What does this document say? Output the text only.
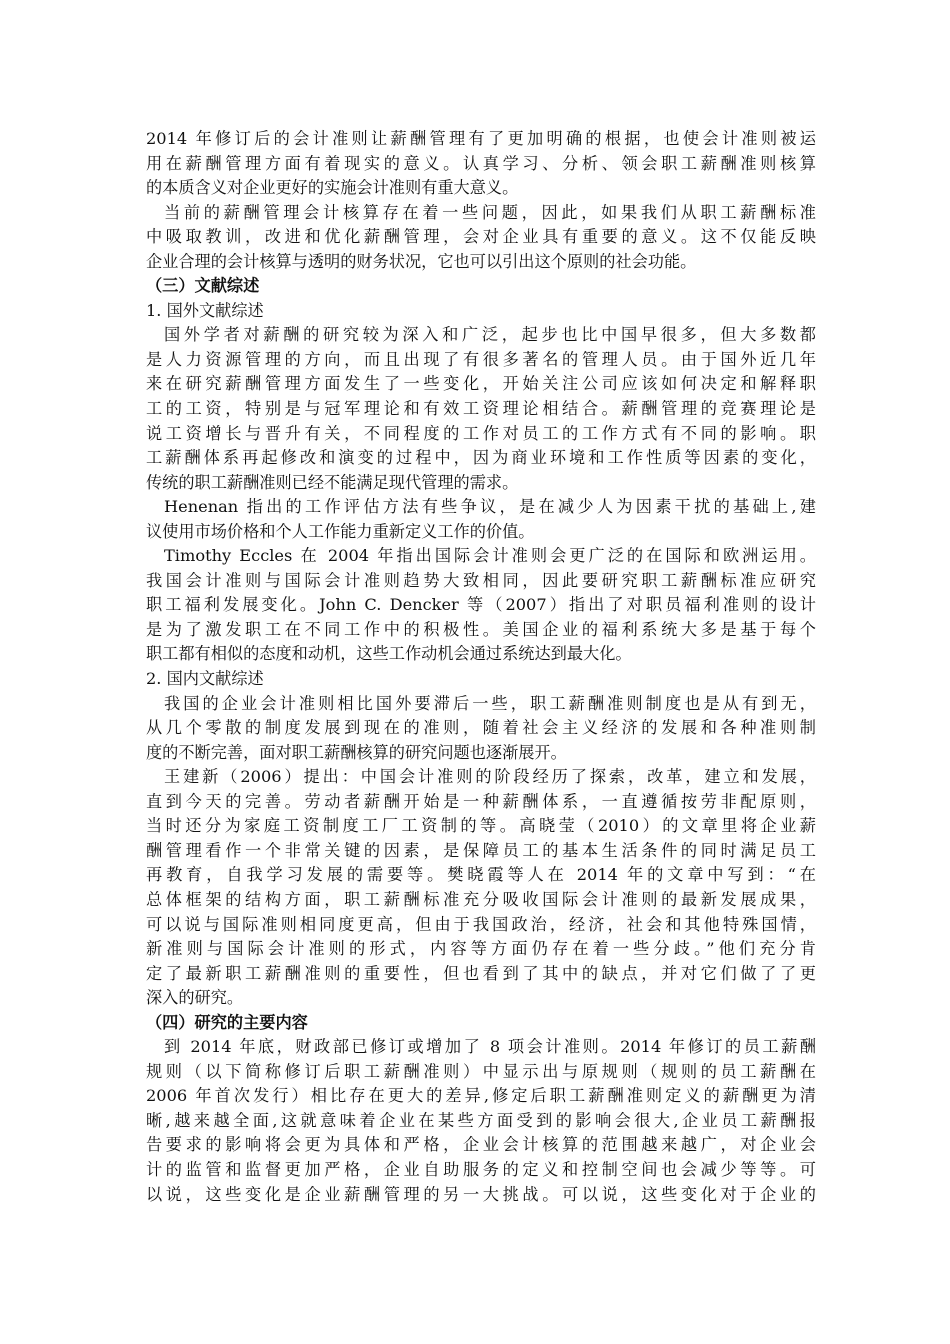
2014 年修订后的会计准则让薪酬管理有了更加明确的根据，也使会计准则被运
用在薪酬管理方面有着现实的意义。认真学习、分析、领会职工薪酬准则核算
的本质含义对企业更好的实施会计准则有重大意义。
当前的薪酬管理会计核算存在着一些问题，因此，如果我们从职工薪酬标准
中吸取教训，改进和优化薪酬管理，会对企业具有重要的意义。这不仅能反映
企业合理的会计核算与透明的财务状况，它也可以引出这个原则的社会功能。
（三）文献综述
1. 国外文献综述
国外学者对薪酬的研究较为深入和广泛，起步也比中国早很多，但大多数都
是人力资源管理的方向，而且出现了有很多著名的管理人员。由于国外近几年
来在研究薪酬管理方面发生了一些变化，开始关注公司应该如何决定和解释职
工的工资，特别是与冠军理论和有效工资理论相结合。薪酬管理的竞赛理论是
说工资增长与晋升有关，不同程度的工作对员工的工作方式有不同的影响。职
工薪酬体系再起修改和演变的过程中，因为商业环境和工作性质等因素的变化，
传统的职工薪酬准则已经不能满足现代管理的需求。
Henenan 指出的工作评估方法有些争议，是在减少人为因素干扰的基础上,建
议使用市场价格和个人工作能力重新定义工作的价值。
Timothy Eccles 在 2004 年指出国际会计准则会更广泛的在国际和欧洲运用。
我国会计准则与国际会计准则趋势大致相同，因此要研究职工薪酬标准应研究
职工福利发展变化。John C. Dencker 等（2007）指出了对职员福利准则的设计
是为了激发职工在不同工作中的积极性。美国企业的福利系统大多是基于每个
职工都有相似的态度和动机，这些工作动机会通过系统达到最大化。
2. 国内文献综述
我国的企业会计准则相比国外要滞后一些，职工薪酬准则制度也是从有到无，
从几个零散的制度发展到现在的准则，随着社会主义经济的发展和各种准则制
度的不断完善，面对职工薪酬核算的研究问题也逐渐展开。
王建新（2006）提出：中国会计准则的阶段经历了探索，改革，建立和发展，
直到今天的完善。劳动者薪酬开始是一种薪酬体系，一直遵循按劳非配原则，
当时还分为家庭工资制度工厂工资制的等。高晓莹（2010）的文章里将企业薪
酬管理看作一个非常关键的因素，是保障员工的基本生活条件的同时满足员工
再教育，自我学习发展的需要等。樊晓霞等人在 2014 年的文章中写到：“在
总体框架的结构方面，职工薪酬标准充分吸收国际会计准则的最新发展成果，
可以说与国际准则相同度更高，但由于我国政治，经济，社会和其他特殊国情，
新准则与国际会计准则的形式，内容等方面仍存在着一些分歧。”他们充分肯
定了最新职工薪酬准则的重要性，但也看到了其中的缺点，并对它们做了了更
深入的研究。
（四）研究的主要内容
到 2014 年底，财政部已修订或增加了 8 项会计准则。2014 年修订的员工薪酬
规则（以下简称修订后职工薪酬准则）中显示出与原规则（规则的员工薪酬在
2006 年首次发行）相比存在更大的差异,修定后职工薪酬准则定义的薪酬更为清
晰,越来越全面,这就意味着企业在某些方面受到的影响会很大,企业员工薪酬报
告要求的影响将会更为具体和严格，企业会计核算的范围越来越广，对企业会
计的监管和监督更加严格，企业自助服务的定义和控制空间也会减少等等。可
以说，这些变化是企业薪酬管理的另一大挑战。可以说，这些变化对于企业的
